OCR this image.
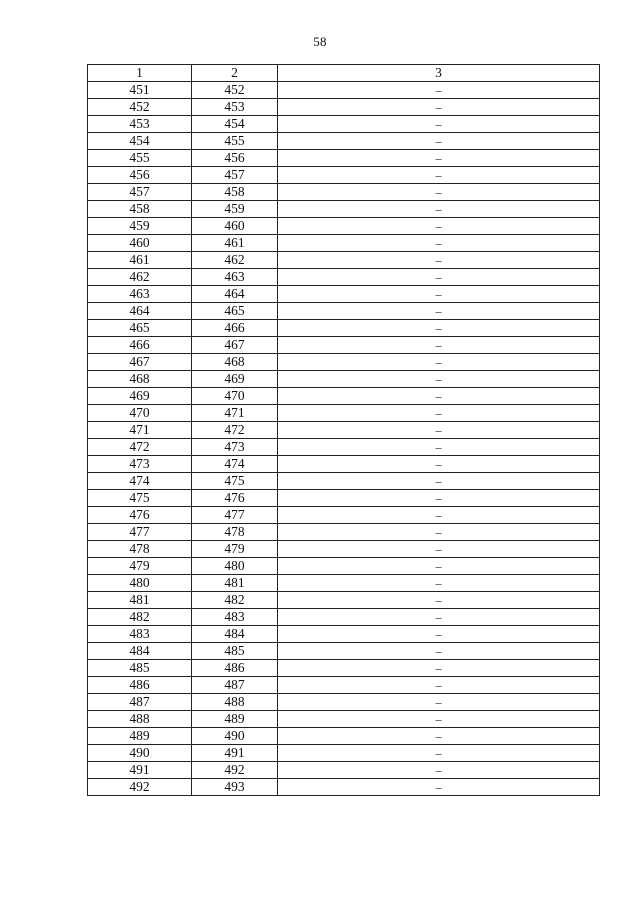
58
1	2	3
451	452	–
452	453	–
453	454	–
454	455	–
455	456	–
456	457	–
457	458	–
458	459	–
459	460	–
460	461	–
461	462	–
462	463	–
463	464	–
464	465	–
465	466	–
466	467	–
467	468	–
468	469	–
469	470	–
470	471	–
471	472	–
472	473	–
473	474	–
474	475	–
475	476	–
476	477	–
477	478	–
478	479	–
479	480	–
480	481	–
481	482	–
482	483	–
483	484	–
484	485	–
485	486	–
486	487	–
487	488	–
488	489	–
489	490	–
490	491	–
491	492	–
492	493	–
